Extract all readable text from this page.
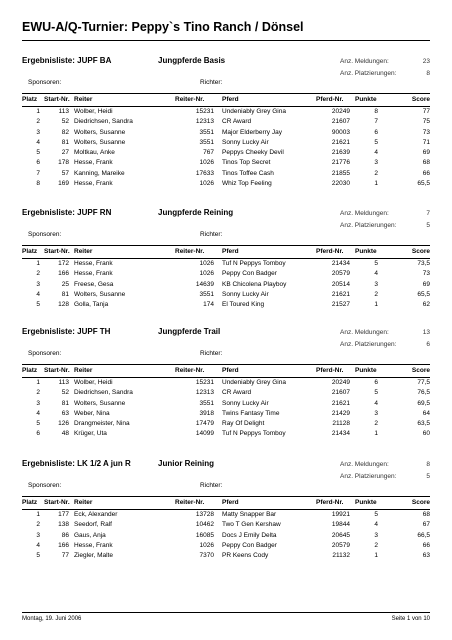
EWU-A/Q-Turnier: Peppy`s Tino Ranch / Dönsel
Ergebnisliste: JUPF BA	Jungpferde Basis	Anz. Meldungen:	23
Anz. Platzierungen:	8
Sponsoren:	Richter:
Platz	Start-Nr. Reiter	Reiter-Nr.	Pferd	Pferd-Nr. Punkte	Score
1	113 Wolber, Heidi	15231 Undeniably Grey Gina	20249	8	77
2	52 Diedrichsen, Sandra	12313 CR Award	21607	7	75
3	82 Wolters, Susanne	3551 Major Elderberry Jay	90003	6	73
4	81 Wolters, Susanne	3551 Sonny Lucky Air	21621	5	71
5	27 Moltkau, Anke	767 Peppys Cheeky Devil	21639	4	69
6	178 Hesse, Frank	1026 Tinos Top Secret	21776	3	68
7	57 Kanning, Mareike	17633 Tinos Toffee Cash	21855	2	66
8	169 Hesse, Frank	1026 Whiz Top Feeling	22030	1	65,5
Ergebnisliste: JUPF RN	Jungpferde Reining	Anz. Meldungen:	7
Anz. Platzierungen:	5
Sponsoren:	Richter:
Platz	Start-Nr. Reiter	Reiter-Nr.	Pferd	Pferd-Nr. Punkte	Score
1	172 Hesse, Frank	1026 Tuf N Peppys Tomboy	21434	5	73,5
2	166 Hesse, Frank	1026 Peppy Con Badger	20579	4	73
3	25 Freese, Gesa	14639 KB Chicolena Playboy	20514	3	69
4	81 Wolters, Susanne	3551 Sonny Lucky Air	21621	2	65,5
5	128 Golla, Tanja	174 El Toured King	21527	1	62
Ergebnisliste: JUPF TH	Jungpferde Trail	Anz. Meldungen:	13
Anz. Platzierungen:	6
Sponsoren:	Richter:
Platz	Start-Nr. Reiter	Reiter-Nr.	Pferd	Pferd-Nr. Punkte	Score
1	113 Wolber, Heidi	15231 Undeniably Grey Gina	20249	6	77,5
2	52 Diedrichsen, Sandra	12313 CR Award	21607	5	76,5
3	81 Wolters, Susanne	3551 Sonny Lucky Air	21621	4	69,5
4	63 Weber, Nina	3918 Twins Fantasy Time	21429	3	64
5	126 Drangmeister, Nina	17479 Ray Of Delight	21128	2	63,5
6	48 Krüger, Uta	14099 Tuf N Peppys Tomboy	21434	1	60
Ergebnisliste: LK 1/2 A jun R	Junior Reining	Anz. Meldungen:	8
Anz. Platzierungen:	5
Sponsoren:	Richter:
Platz	Start-Nr. Reiter	Reiter-Nr.	Pferd	Pferd-Nr. Punkte	Score
1	177 Eck, Alexander	13728 Matty Snapper Bar	19921	5	68
2	138 Seedorf, Ralf	10462 Two T Gen Kershaw	19844	4	67
3	86 Gaus, Anja	16085 Docs J Emily Delta	20645	3	66,5
4	166 Hesse, Frank	1026 Peppy Con Badger	20579	2	66
5	77 Ziegler, Malte	7370 PR Keens Cody	21132	1	63
Montag, 19. Juni 2006	Seite 1 von 10
